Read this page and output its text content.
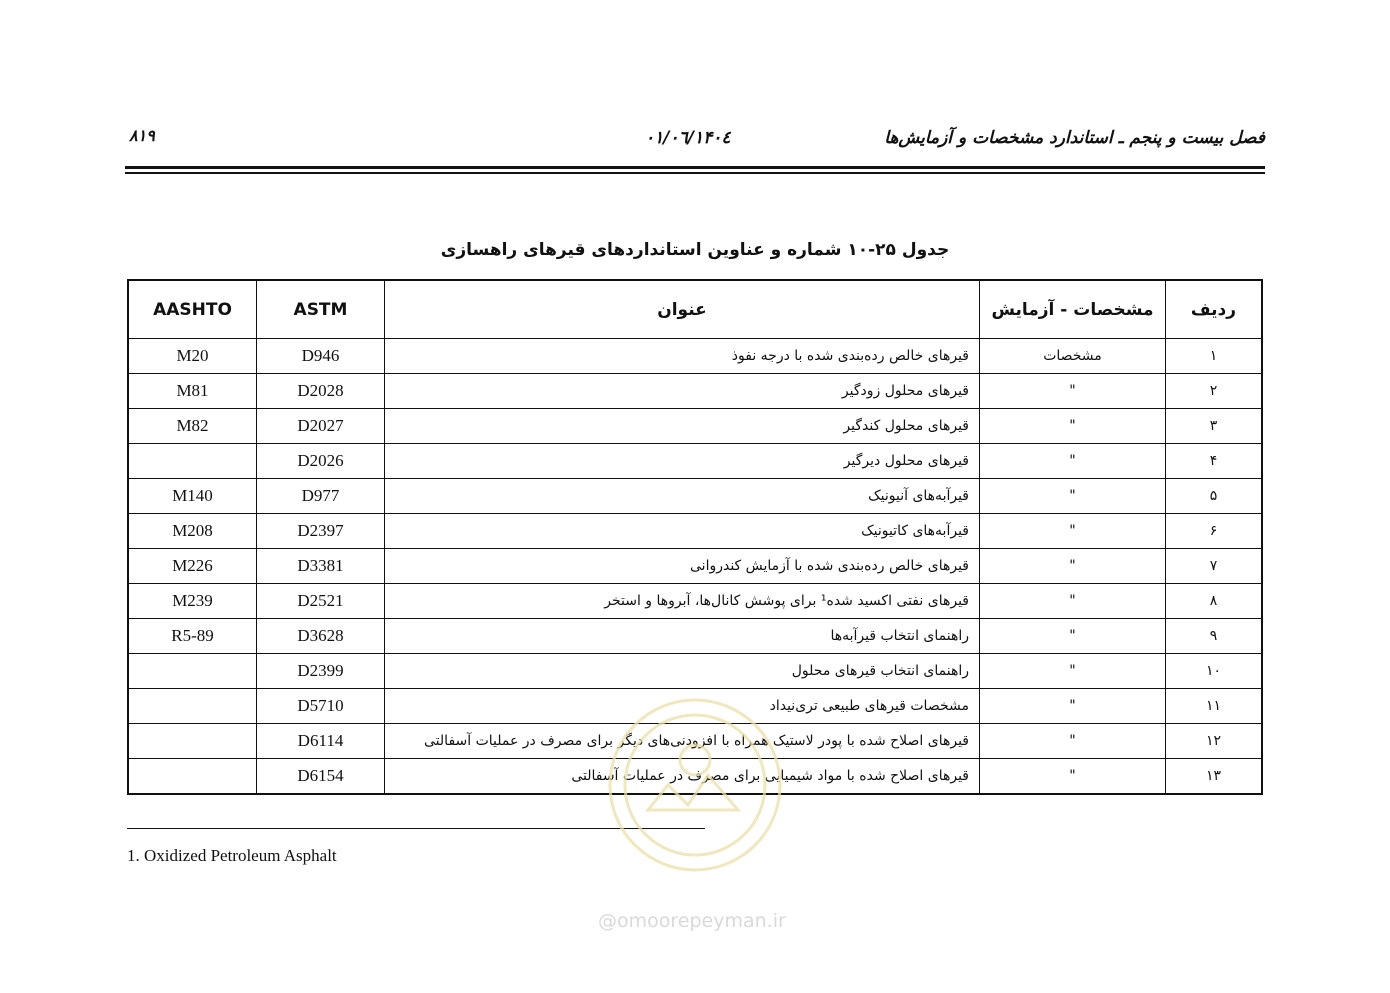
فصل بیست و پنجم ـ استاندارد مشخصات و آزمایش‌ها
۱۴۰٤/۰٦/۰۱
۸۱۹
جدول ۲۵-۱۰ شماره و عناوین استانداردهای قیرهای راهسازی
ردیف	مشخصات - آزمایش	عنوان	ASTM	AASHTO
۱	مشخصات	قیرهای خالص رده‌بندی شده با درجه نفوذ	D946	M20
۲	"	قیرهای محلول زودگیر	D2028	M81
۳	"	قیرهای محلول کندگیر	D2027	M82
۴	"	قیرهای محلول دیرگیر	D2026	
۵	"	قیرآبه‌های آنیونیک	D977	M140
۶	"	قیرآبه‌های کاتیونیک	D2397	M208
۷	"	قیرهای خالص رده‌بندی شده با آزمایش کندروانی	D3381	M226
۸	"	قیرهای نفتی اکسید شده¹ برای پوشش کانال‌ها، آبروها و استخر	D2521	M239
۹	"	راهنمای انتخاب قیرآبه‌ها	D3628	R5-89
۱۰	"	راهنمای انتخاب قیرهای محلول	D2399	
۱۱	"	مشخصات قیرهای طبیعی تری‌نیداد	D5710	
۱۲	"	قیرهای اصلاح شده با پودر لاستیک همراه با افزودنی‌های دیگر برای مصرف در عملیات آسفالتی	D6114	
۱۳	"	قیرهای اصلاح شده با مواد شیمیایی برای مصرف در عملیات آسفالتی	D6154	
1. Oxidized Petroleum Asphalt
@omoorepeyman.ir
